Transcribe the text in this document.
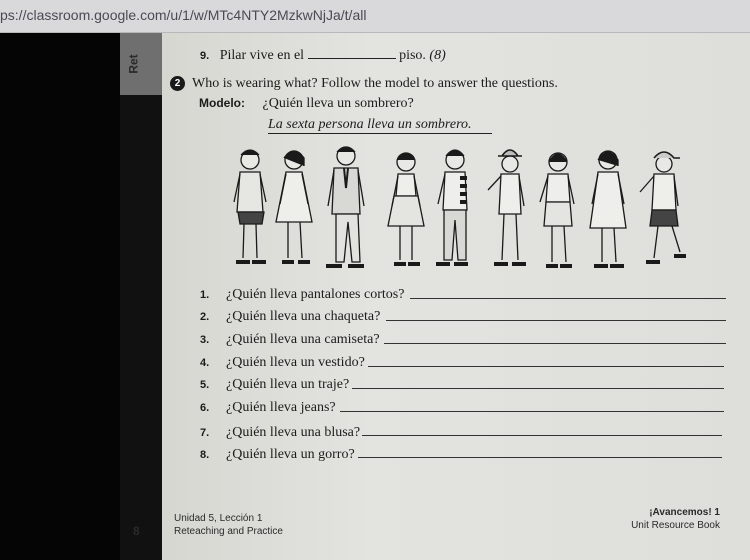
ps://classroom.google.com/u/1/w/MTc4NTY2MzkwNjJa/t/all
Ret	9. Pilar vive en el	piso. (8)
2 Who is wearing what? Follow the model to answer the questions.
Modelo: ¿Quién lleva un sombrero?
La sexta persona lleva un sombrero.
1. ¿Quién lleva pantalones cortos?
2. ¿Quién lleva una chaqueta?
3. ¿Quién lleva una camiseta?
4. ¿Quién lleva un vestido?
5. ¿Quién lleva un traje?
6. ¿Quién lleva jeans?
7. ¿Quién lleva una blusa?
8. ¿Quién lleva un gorro?
8
Unidad 5, Lección 1
Reteaching and Practice
¡Avancemos! 1
Unit Resource Book
